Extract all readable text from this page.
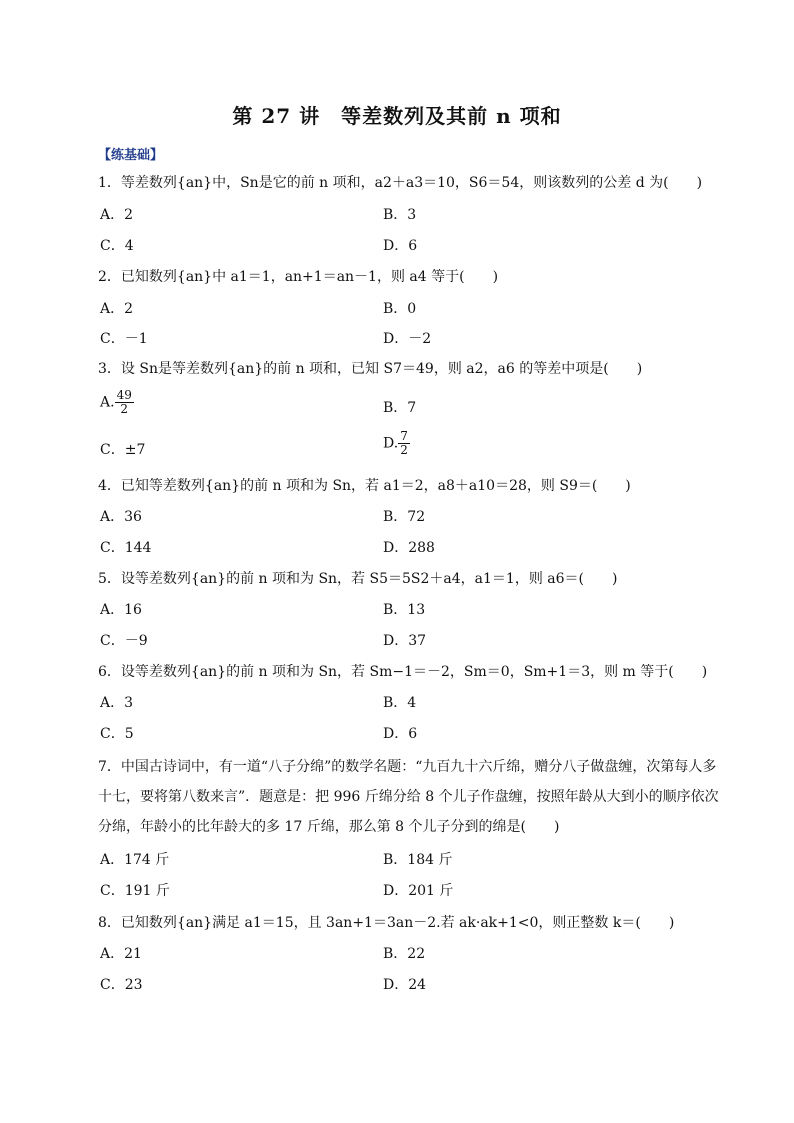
第 27 讲　等差数列及其前 n 项和
【练基础】
1．等差数列{an}中，Sn是它的前 n 项和，a2＋a3＝10，S6＝54，则该数列的公差 d 为(　　)
A．2	B．3
C．4	D．6
2．已知数列{an}中 a1＝1，an+1＝an－1，则 a4 等于(　　)
A．2	B．0
C．－1	D．－2
3．设 Sn是等差数列{an}的前 n 项和，已知 S7＝49，则 a2，a6 的等差中项是(　　)
A. $\frac{49}{2}$	B．7
C．±7	D. $\frac{7}{2}$
4．已知等差数列{an}的前 n 项和为 Sn，若 a1＝2，a8＋a10＝28，则 S9＝(　　)
A．36	B．72
C．144	D．288
5．设等差数列{an}的前 n 项和为 Sn，若 S5＝5S2＋a4，a1＝1，则 a6＝(　　)
A．16	B．13
C．－9	D．37
6．设等差数列{an}的前 n 项和为 Sn，若 Sm−1＝－2，Sm＝0，Sm+1＝3，则 m 等于(　　)
A．3	B．4
C．5	D．6
7．中国古诗词中，有一道“八子分绵”的数学名题：“九百九十六斤绵，赠分八子做盘缠，次第每人多十七，要将第八数来言”．题意是：把 996 斤绵分给 8 个儿子作盘缠，按照年龄从大到小的顺序依次分绵，年龄小的比年龄大的多 17 斤绵，那么第 8 个儿子分到的绵是(　　)
A．174 斤	B．184 斤
C．191 斤	D．201 斤
8．已知数列{an}满足 a1＝15，且 3an+1＝3an－2.若 ak·ak+1<0，则正整数 k＝(　　)
A．21	B．22
C．23	D．24
